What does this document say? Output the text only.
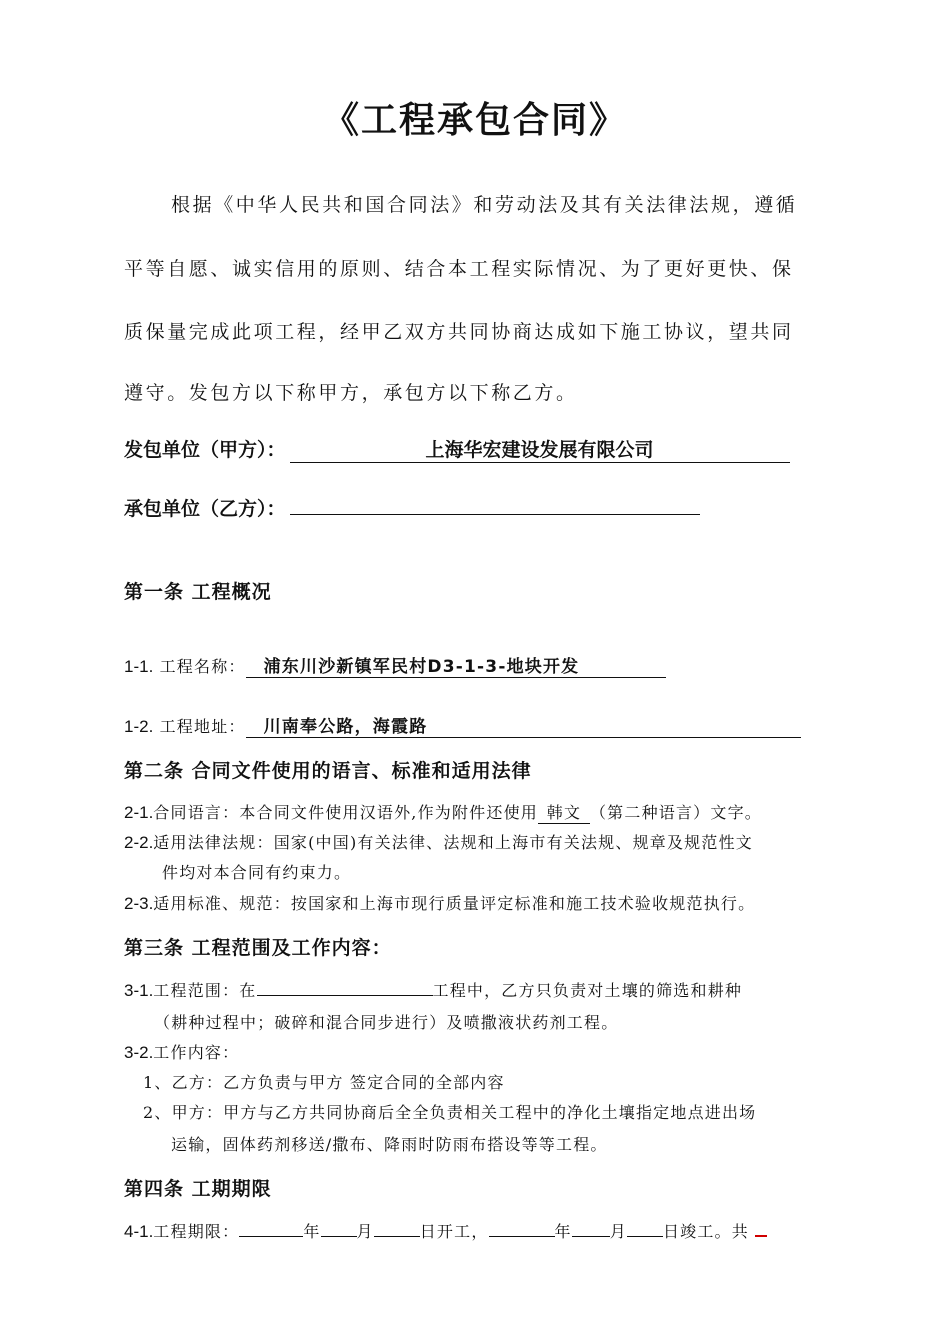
《工程承包合同》
根据《中华人民共和国合同法》和劳动法及其有关法律法规，遵循
平等自愿、诚实信用的原则、结合本工程实际情况、为了更好更快、保
质保量完成此项工程，经甲乙双方共同协商达成如下施工协议，望共同
遵守。发包方以下称甲方，承包方以下称乙方。
发包单位（甲方）：	上海华宏建设发展有限公司
承包单位（乙方）：
第一条 工程概况
1-1. 工程名称： 浦东川沙新镇军民村D3-1-3-地块开发
1-2. 工程地址： 川南奉公路，海霞路
第二条 合同文件使用的语言、标准和适用法律
2-1.合同语言：本合同文件使用汉语外,作为附件还使用 韩文 （第二种语言）文字。
2-2.适用法律法规：国家(中国)有关法律、法规和上海市有关法规、规章及规范性文
件均对本合同有约束力。
2-3.适用标准、规范：按国家和上海市现行质量评定标准和施工技术验收规范执行。
第三条 工程范围及工作内容：
3-1.工程范围：在	工程中，乙方只负责对土壤的筛选和耕种
（耕种过程中；破碎和混合同步进行）及喷撒液状药剂工程。
3-2.工作内容：
1、乙方：乙方负责与甲方 签定合同的全部内容
2、甲方：甲方与乙方共同协商后全全负责相关工程中的净化土壤指定地点进出场
运输，固体药剂移送/撒布、降雨时防雨布搭设等等工程。
第四条 工期期限
4-1.工程期限：	年 月	日开工，	年 月 日竣工。共
